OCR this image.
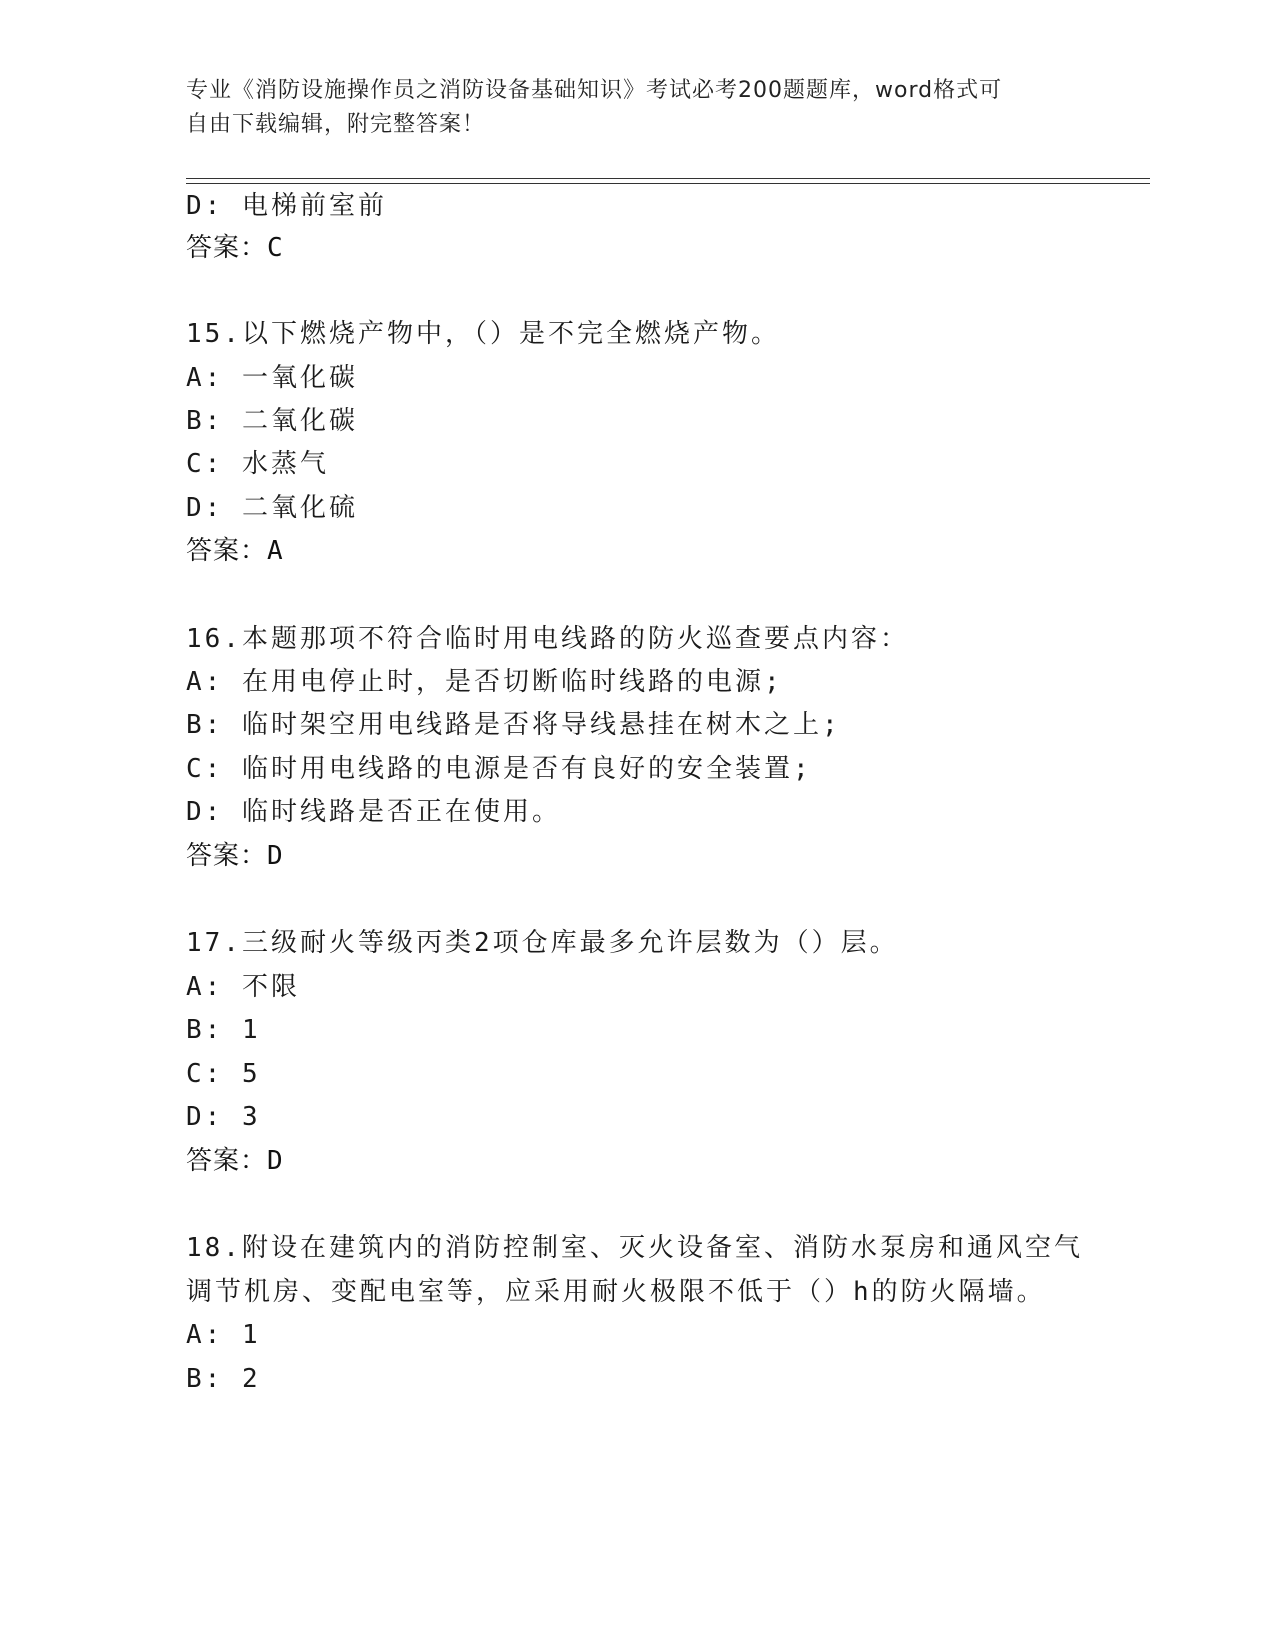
专业《消防设施操作员之消防设备基础知识》考试必考200题题库，word格式可
自由下载编辑，附完整答案！
D: 电梯前室前
答案：C
15.以下燃烧产物中，（）是不完全燃烧产物。
A: 一氧化碳
B: 二氧化碳
C: 水蒸气
D: 二氧化硫
答案：A
16.本题那项不符合临时用电线路的防火巡查要点内容：
A: 在用电停止时，是否切断临时线路的电源;
B: 临时架空用电线路是否将导线悬挂在树木之上;
C: 临时用电线路的电源是否有良好的安全装置;
D: 临时线路是否正在使用。
答案：D
17.三级耐火等级丙类2项仓库最多允许层数为（）层。
A: 不限
B: 1
C: 5
D: 3
答案：D
18.附设在建筑内的消防控制室、灭火设备室、消防水泵房和通风空气
调节机房、变配电室等，应采用耐火极限不低于（）h的防火隔墙。
A: 1
B: 2
